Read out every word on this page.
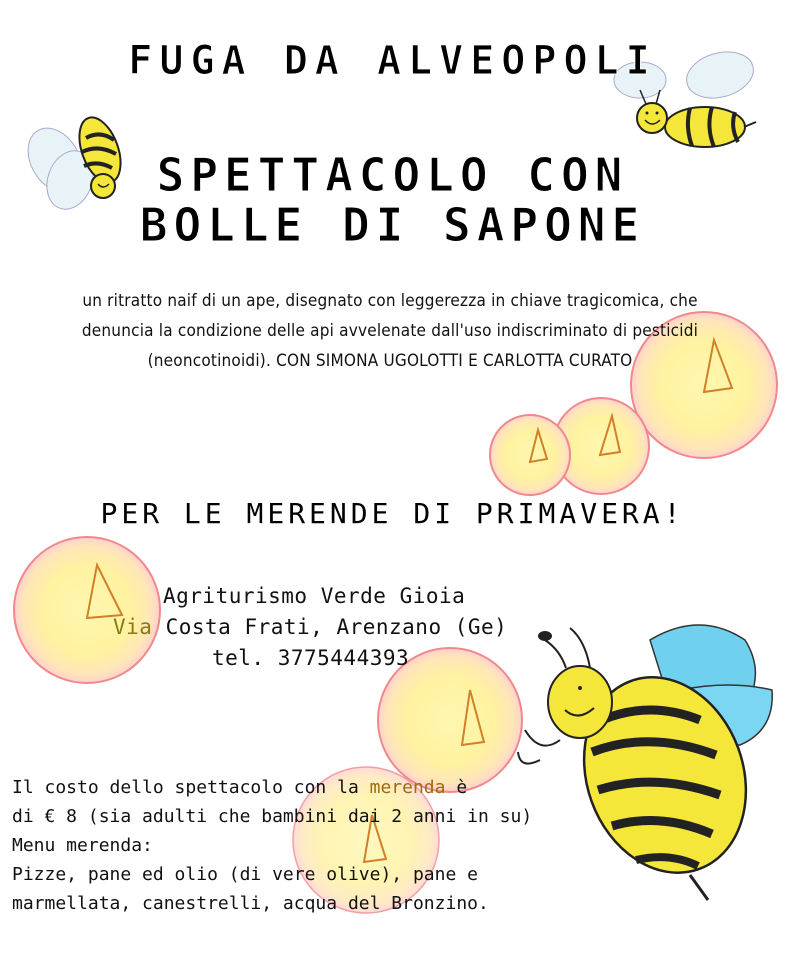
FUGA DA ALVEOPOLI
SPETTACOLO CON
BOLLE DI SAPONE
un ritratto naif di un ape, disegnato con leggerezza in chiave tragicomica, che denuncia la condizione delle api avvelenate dall'uso indiscriminato di pesticidi (neoncotinoidi). CON SIMONA UGOLOTTI E CARLOTTA CURATO
PER LE MERENDE DI PRIMAVERA!
Agriturismo Verde Gioia
Via Costa Frati, Arenzano (Ge)
tel. 3775444393
Il costo dello spettacolo con la merenda è
di € 8 (sia adulti che bambini dai 2 anni in su)
Menu merenda:
Pizze, pane ed olio (di vere olive), pane e
marmellata, canestrelli, acqua del Bronzino.
